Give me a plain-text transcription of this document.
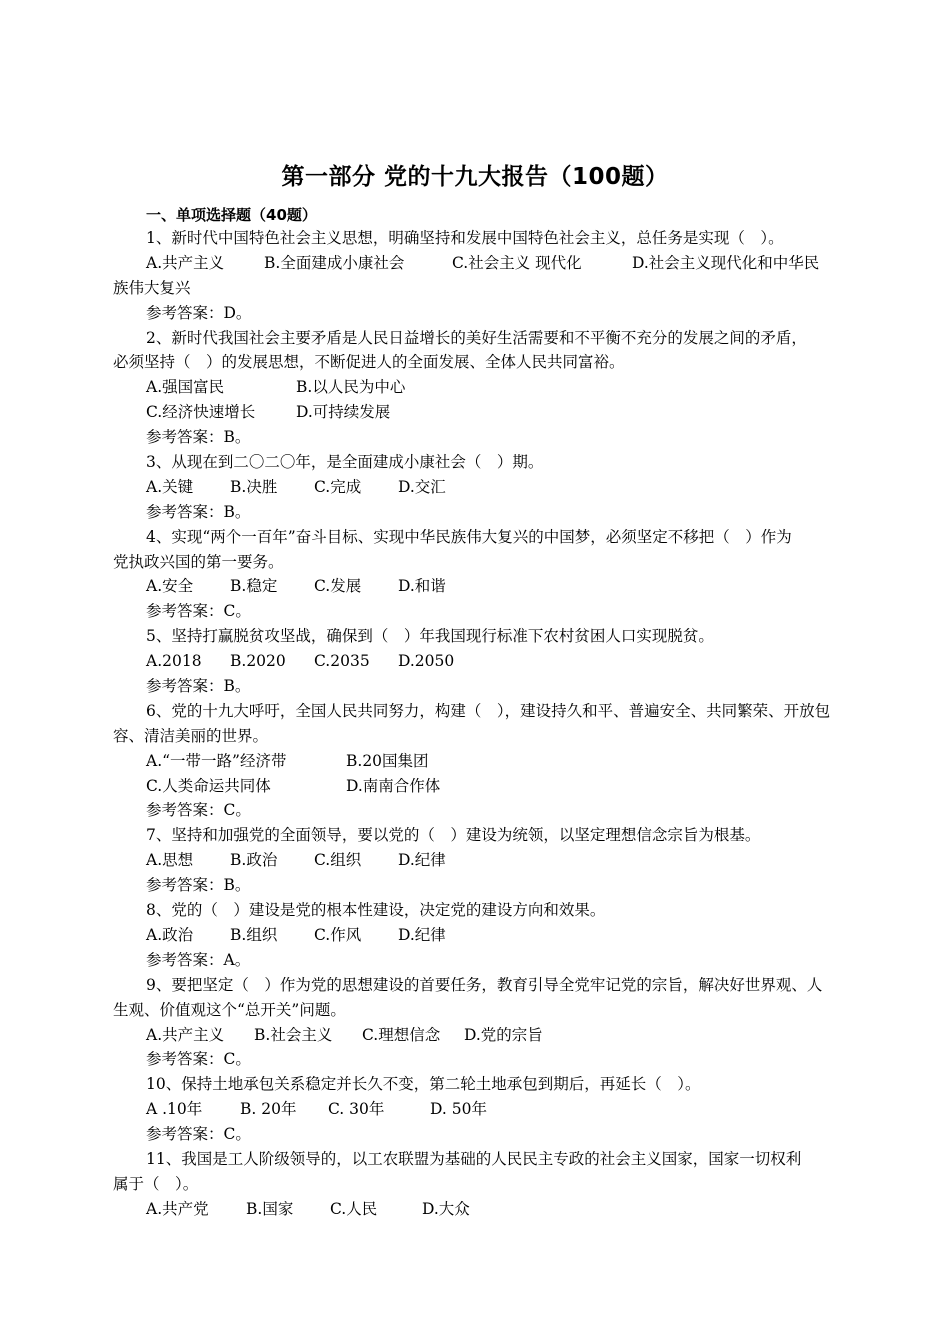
第一部分 党的十九大报告（100题）
一、单项选择题（40题）
1、新时代中国特色社会主义思想，明确坚持和发展中国特色社会主义，总任务是实现（　）。
A.共产主义	B.全面建成小康社会	C.社会主义 现代化	D.社会主义现代化和中华民
族伟大复兴
参考答案：D。
2、新时代我国社会主要矛盾是人民日益增长的美好生活需要和不平衡不充分的发展之间的矛盾，
必须坚持（　）的发展思想，不断促进人的全面发展、全体人民共同富裕。
A.强国富民	B.以人民为中心
C.经济快速增长	D.可持续发展
参考答案：B。
3、从现在到二〇二〇年，是全面建成小康社会（　）期。
A.关键	B.决胜	C.完成	D.交汇
参考答案：B。
4、实现“两个一百年”奋斗目标、实现中华民族伟大复兴的中国梦，必须坚定不移把（　）作为
党执政兴国的第一要务。
A.安全	B.稳定	C.发展	D.和谐
参考答案：C。
5、坚持打赢脱贫攻坚战，确保到（　）年我国现行标准下农村贫困人口实现脱贫。
A.2018	B.2020	C.2035	D.2050
参考答案：B。
6、党的十九大呼吁，全国人民共同努力，构建（　），建设持久和平、普遍安全、共同繁荣、开放包
容、清洁美丽的世界。
A.“一带一路”经济带	B.20国集团
C.人类命运共同体	D.南南合作体
参考答案：C。
7、坚持和加强党的全面领导，要以党的（　）建设为统领，以坚定理想信念宗旨为根基。
A.思想	B.政治	C.组织	D.纪律
参考答案：B。
8、党的（　）建设是党的根本性建设，决定党的建设方向和效果。
A.政治	B.组织	C.作风	D.纪律
参考答案：A。
9、要把坚定（　）作为党的思想建设的首要任务，教育引导全党牢记党的宗旨，解决好世界观、人
生观、价值观这个“总开关”问题。
A.共产主义	B.社会主义	C.理想信念	D.党的宗旨
参考答案：C。
10、保持土地承包关系稳定并长久不变，第二轮土地承包到期后，再延长（　）。
A .10年	B. 20年	C. 30年	D. 50年
参考答案：C。
11、我国是工人阶级领导的，以工农联盟为基础的人民民主专政的社会主义国家，国家一切权利
属于（　）。
A.共产党	B.国家	C.人民	D.大众
